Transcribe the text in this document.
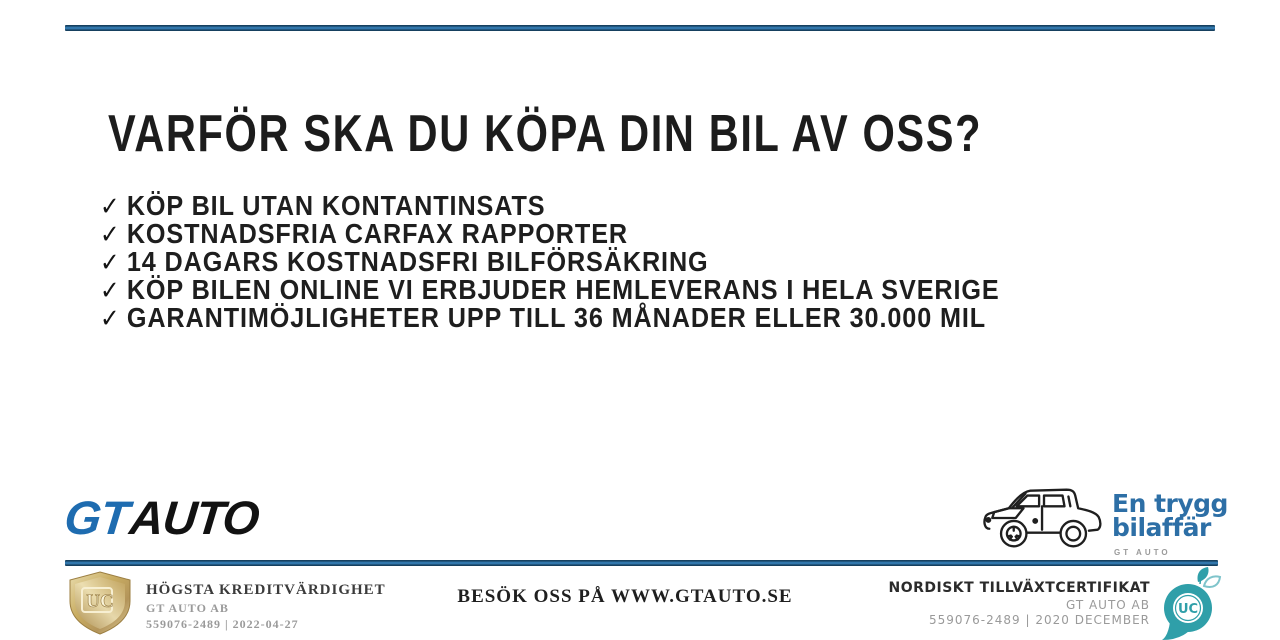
VARFÖR SKA DU KÖPA DIN BIL AV OSS?
✓ KÖP BIL UTAN KONTANTINSATS
✓ KOSTNADSFRIA CARFAX RAPPORTER
✓ 14 DAGARS KOSTNADSFRI BILFÖRSÄKRING
✓ KÖP BILEN ONLINE VI ERBJUDER HEMLEVERANS I HELA SVERIGE
✓ GARANTIMÖJLIGHETER UPP TILL 36 MÅNADER ELLER 30.000 MIL
GTAUTO	En trygg
bilaffär
GT AUTO
UC
HÖGSTA KREDITVÄRDIGHET
GT AUTO AB
559076-2489 | 2022-04-27
BESÖK OSS PÅ WWW.GTAUTO.SE	NORDISKT TILLVÄXTCERTIFIKAT
GT AUTO AB
559076-2489 | 2020 DECEMBER
UC
